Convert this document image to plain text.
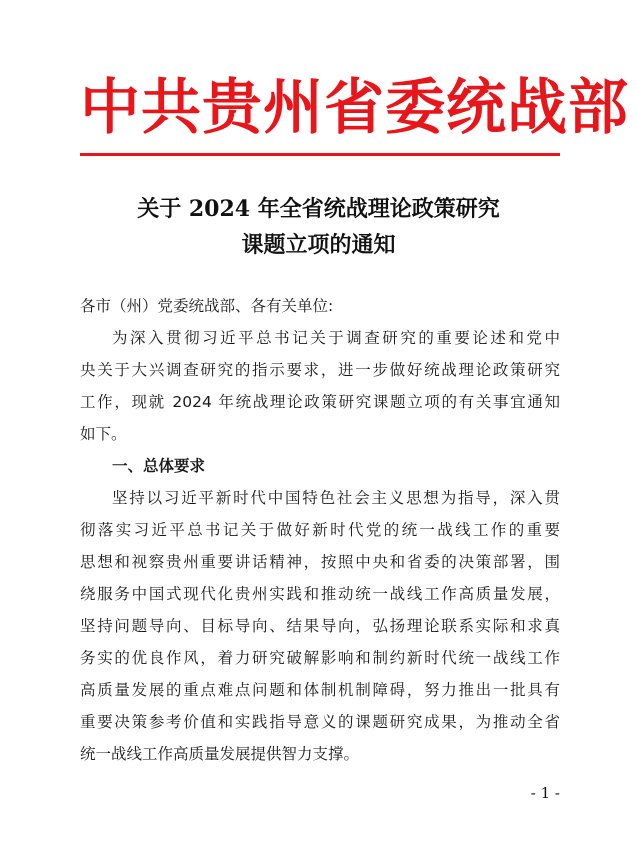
中共贵州省委统战部
关于 2024 年全省统战理论政策研究
课题立项的通知
各市（州）党委统战部、各有关单位:
为深入贯彻习近平总书记关于调查研究的重要论述和党中
央关于大兴调查研究的指示要求，进一步做好统战理论政策研究
工作，现就 2024 年统战理论政策研究课题立项的有关事宜通知
如下。
一、总体要求
坚持以习近平新时代中国特色社会主义思想为指导，深入贯
彻落实习近平总书记关于做好新时代党的统一战线工作的重要
思想和视察贵州重要讲话精神，按照中央和省委的决策部署，围
绕服务中国式现代化贵州实践和推动统一战线工作高质量发展，
坚持问题导向、目标导向、结果导向，弘扬理论联系实际和求真
务实的优良作风，着力研究破解影响和制约新时代统一战线工作
高质量发展的重点难点问题和体制机制障碍，努力推出一批具有
重要决策参考价值和实践指导意义的课题研究成果，为推动全省
统一战线工作高质量发展提供智力支撑。
- 1 -
